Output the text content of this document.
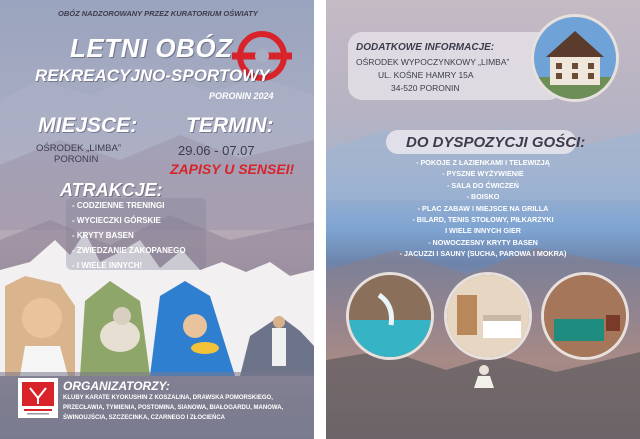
OBÓZ NADZOROWANY PRZEZ KURATORIUM OŚWIATY
LETNI OBÓZ
REKREACYJNO-SPORTOWY
PORONIN 2024
MIEJSCE:
OŚRODEK „LIMBA”
PORONIN
TERMIN:
29.06 - 07.07
ZAPISY U SENSEI!
ATRAKCJE:
- CODZIENNE TRENINGI
- WYCIECZKI GÓRSKIE
- KRYTY BASEN
- ZWIEDZANIE ZAKOPANEGO
- I WIELE INNYCH!
ORGANIZATORZY:
KLUBY KARATE KYOKUSHIN Z KOSZALINA, DRAWSKA POMORSKIEGO,
PRZECŁAWIA, TYMIENIA, POSTOMINA, SIANOWA, BIAŁOGARDU, MANOWA,
ŚWINOUJŚCIA, SZCZECINKA, CZARNEGO I ZŁOCIEŃCA
DODATKOWE INFORMACJE:
OŚRODEK WYPOCZYNKOWY „LIMBA”
UL. KOŚNE HAMRY 15A
34-520 PORONIN
DO DYSPOZYCJI GOŚCI:
- POKOJE Z ŁAZIENKAMI I TELEWIZJĄ
- PYSZNE WYŻYWIENIE
- SALA DO ĆWICZEŃ
- BOISKO
- PLAC ZABAW I MIEJSCE NA GRILLA
- BILARD, TENIS STOŁOWY, PIŁKARZYKI
I WIELE INNYCH GIER
- NOWOCZESNY KRYTY BASEN
- JACUZZI I SAUNY (SUCHA, PAROWA I MOKRA)
